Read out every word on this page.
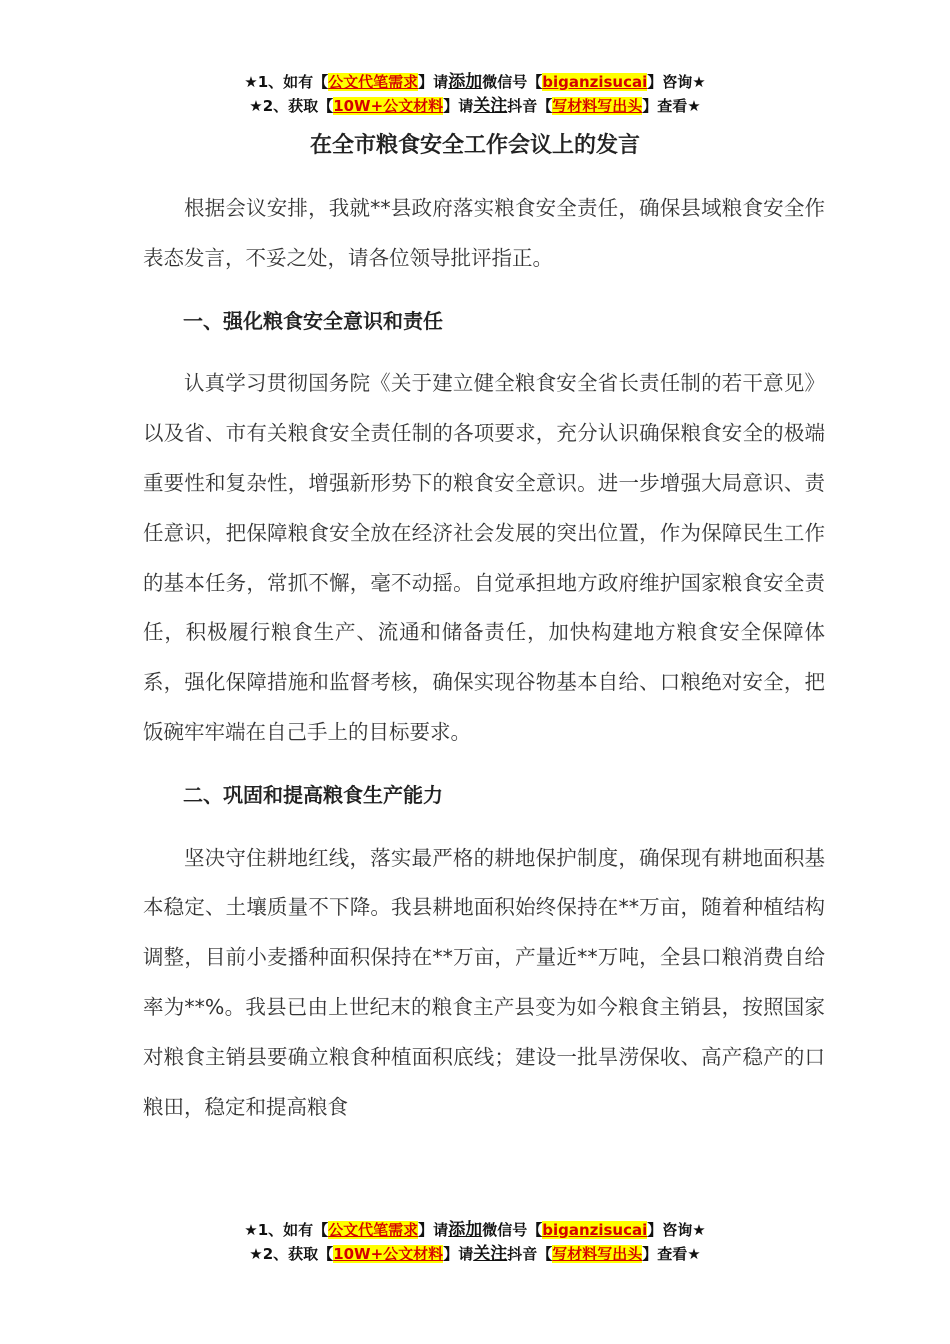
★1、如有【公文代笔需求】请添加微信号【biganzisucai】咨询★
★2、获取【10W+公文材料】请关注抖音【写材料写出头】查看★
在全市粮食安全工作会议上的发言

根据会议安排，我就**县政府落实粮食安全责任，确保县域粮食安全作表态发言，不妥之处，请各位领导批评指正。

一、强化粮食安全意识和责任

认真学习贯彻国务院《关于建立健全粮食安全省长责任制的若干意见》以及省、市有关粮食安全责任制的各项要求，充分认识确保粮食安全的极端重要性和复杂性，增强新形势下的粮食安全意识。进一步增强大局意识、责任意识，把保障粮食安全放在经济社会发展的突出位置，作为保障民生工作的基本任务，常抓不懈，毫不动摇。自觉承担地方政府维护国家粮食安全责任，积极履行粮食生产、流通和储备责任，加快构建地方粮食安全保障体系，强化保障措施和监督考核，确保实现谷物基本自给、口粮绝对安全，把饭碗牢牢端在自己手上的目标要求。

二、巩固和提高粮食生产能力

坚决守住耕地红线，落实最严格的耕地保护制度，确保现有耕地面积基本稳定、土壤质量不下降。我县耕地面积始终保持在**万亩，随着种植结构调整，目前小麦播种面积保持在**万亩，产量近**万吨，全县口粮消费自给率为**%。我县已由上世纪末的粮食主产县变为如今粮食主销县，按照国家对粮食主销县要确立粮食种植面积底线；建设一批旱涝保收、高产稳产的口粮田，稳定和提高粮食

★1、如有【公文代笔需求】请添加微信号【biganzisucai】咨询★
★2、获取【10W+公文材料】请关注抖音【写材料写出头】查看★
